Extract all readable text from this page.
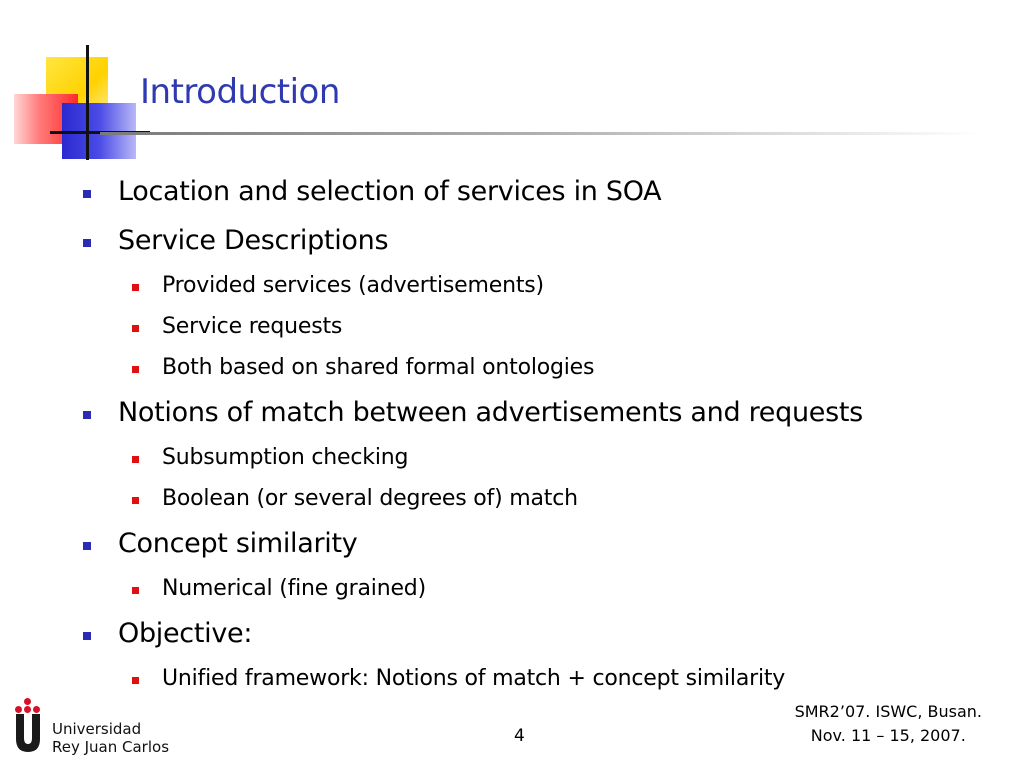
Introduction
Location and selection of services in SOA
Service Descriptions
Provided services (advertisements)
Service requests
Both based on shared formal ontologies
Notions of match between advertisements and requests
Subsumption checking
Boolean (or several degrees of) match
Concept similarity
Numerical (fine grained)
Objective:
Unified framework: Notions of match + concept similarity
Universidad
Rey Juan Carlos
4
SMR2’07. ISWC, Busan.
Nov. 11 – 15, 2007.
